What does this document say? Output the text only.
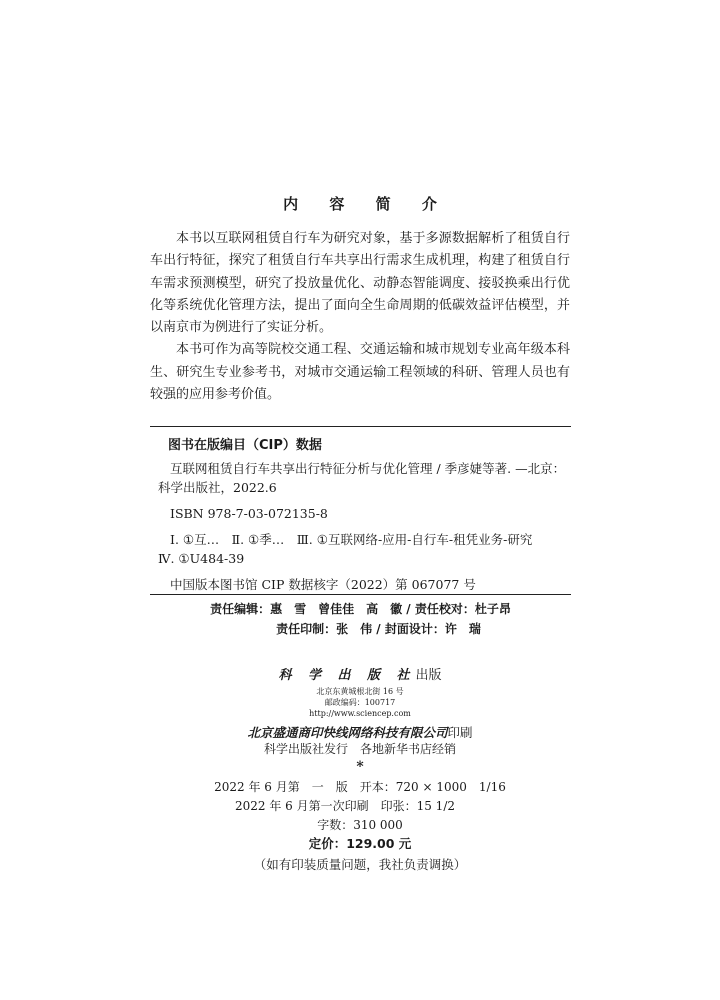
内 容 简 介

本书以互联网租赁自行车为研究对象，基于多源数据解析了租赁自行车出行特征，探究了租赁自行车共享出行需求生成机理，构建了租赁自行车需求预测模型，研究了投放量优化、动静态智能调度、接驳换乘出行优化等系统优化管理方法，提出了面向全生命周期的低碳效益评估模型，并以南京市为例进行了实证分析。

本书可作为高等院校交通工程、交通运输和城市规划专业高年级本科生、研究生专业参考书，对城市交通运输工程领域的科研、管理人员也有较强的应用参考价值。

图书在版编目（CIP）数据
互联网租赁自行车共享出行特征分析与优化管理 / 季彦婕等著. —北京：
科学出版社，2022.6
ISBN 978-7-03-072135-8
Ⅰ. ①互…　Ⅱ. ①季…　Ⅲ. ①互联网络-应用-自行车-租凭业务-研究
Ⅳ. ①U484-39
中国版本图书馆 CIP 数据核字（2022）第 067077 号
责任编辑：惠　雪　曾佳佳　高　徽 / 责任校对：杜子昂
责任印制：张　伟 / 封面设计：许　瑞
科 学 出 版 社出版
北京东黄城根北街 16 号
邮政编码：100717
http://www.sciencep.com
北京盛通商印快线网络科技有限公司印刷
科学出版社发行　各地新华书店经销
*
2022 年 6 月第　一　版　开本：720 × 1000　1/16
2022 年 6 月第一次印刷　印张：15 1/2
字数：310 000
定价：129.00 元
（如有印装质量问题，我社负责调换）
